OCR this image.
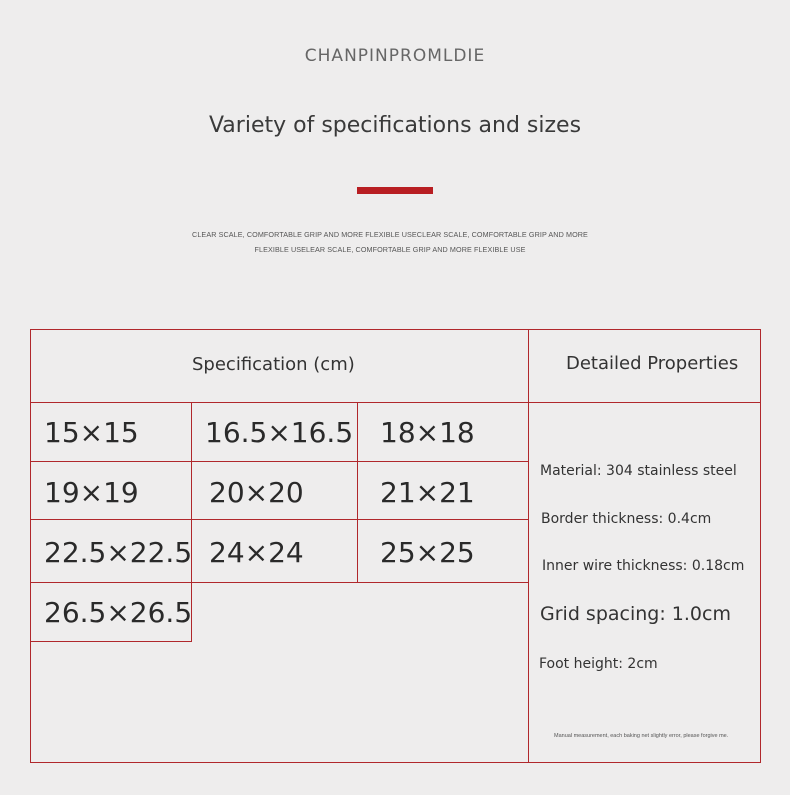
CHANPINPROMLDIE
Variety of specifications and sizes
CLEAR SCALE, COMFORTABLE GRIP AND MORE FLEXIBLE USECLEAR SCALE, COMFORTABLE GRIP AND MORE FLEXIBLE USELEAR SCALE, COMFORTABLE GRIP AND MORE FLEXIBLE USE
Specification (cm)	Detailed Properties
15×15 16.5×16.5 18×18
19×19	20×20	21×21
22.5×22.5 24×24	25×25
26.5×26.5
Material: 304 stainless steel
Border thickness: 0.4cm
Inner wire thickness: 0.18cm
Grid spacing: 1.0cm
Foot height: 2cm
Manual measurement, each baking net slightly error, please forgive me.
